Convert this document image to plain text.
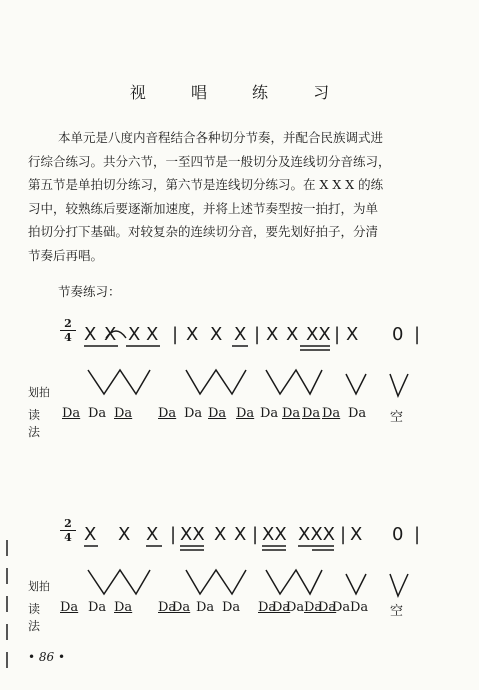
视 唱 练 习
本单元是八度内音程结合各种切分节奏，并配合民族调式进
行综合练习。共分六节，一至四节是一般切分及连线切分音练习，
第五节是单拍切分练习，第六节是连线切分练习。在 X X X 的练
习中，较熟练后要逐渐加速度，并将上述节奏型按一拍打，为单
拍切分打下基础。对较复杂的连续切分音，要先划好拍子，分清
节奏后再唱。
节奏练习：
2
4 X X X X | X X X | X X XX | X 0 |
划拍
读法
Da Da Da Da Da Da Da Da Da Da Da Da 空
2
4 X X X | XX X X | XX XXX | X 0 |
划拍
读法
Da Da Da Da
Da Da Da Da
Da
Da Da
Da
Da Da 空
• 86 •
